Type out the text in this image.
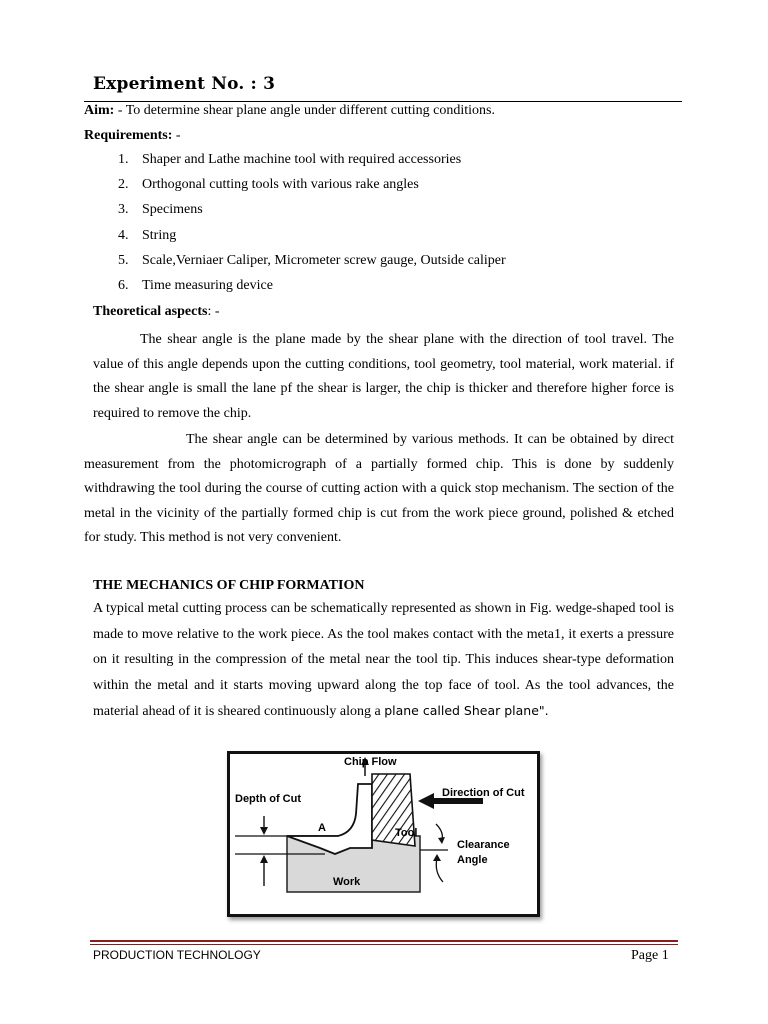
Experiment No. : 3
Aim: - To determine shear plane angle under different cutting conditions.
Requirements: -
1. Shaper and Lathe machine tool with required accessories
2. Orthogonal cutting tools with various rake angles
3. Specimens
4. String
5. Scale,Verniaer Caliper, Micrometer screw gauge, Outside caliper
6. Time measuring device
Theoretical aspects: -

The shear angle is the plane made by the shear plane with the direction of tool travel. The value of this angle depends upon the cutting conditions, tool geometry, tool material, work material. if the shear angle is small the lane pf the shear is larger, the chip is thicker and therefore higher force is required to remove the chip.

The shear angle can be determined by various methods. It can be obtained by direct measurement from the photomicrograph of a partially formed chip. This is done by suddenly withdrawing the tool during the course of cutting action with a quick stop mechanism. The section of the metal in the vicinity of the partially formed chip is cut from the work piece ground, polished & etched for study. This method is not very convenient.

THE MECHANICS OF CHIP FORMATION

A typical metal cutting process can be schematically represented as shown in Fig. wedge-shaped tool is made to move relative to the work piece. As the tool makes contact with the meta1, it exerts a pressure on it resulting in the compression of the metal near the tool tip. This induces shear-type deformation within the metal and it starts moving upward along the top face of tool. As the tool advances, the material ahead of it is sheared continuously along a plane called Shear plane".

Chip Flow
Direction of Cut
Depth of Cut
A	Tool
Clearance
Angle
Work
PRODUCTION TECHNOLOGY	Page 1
